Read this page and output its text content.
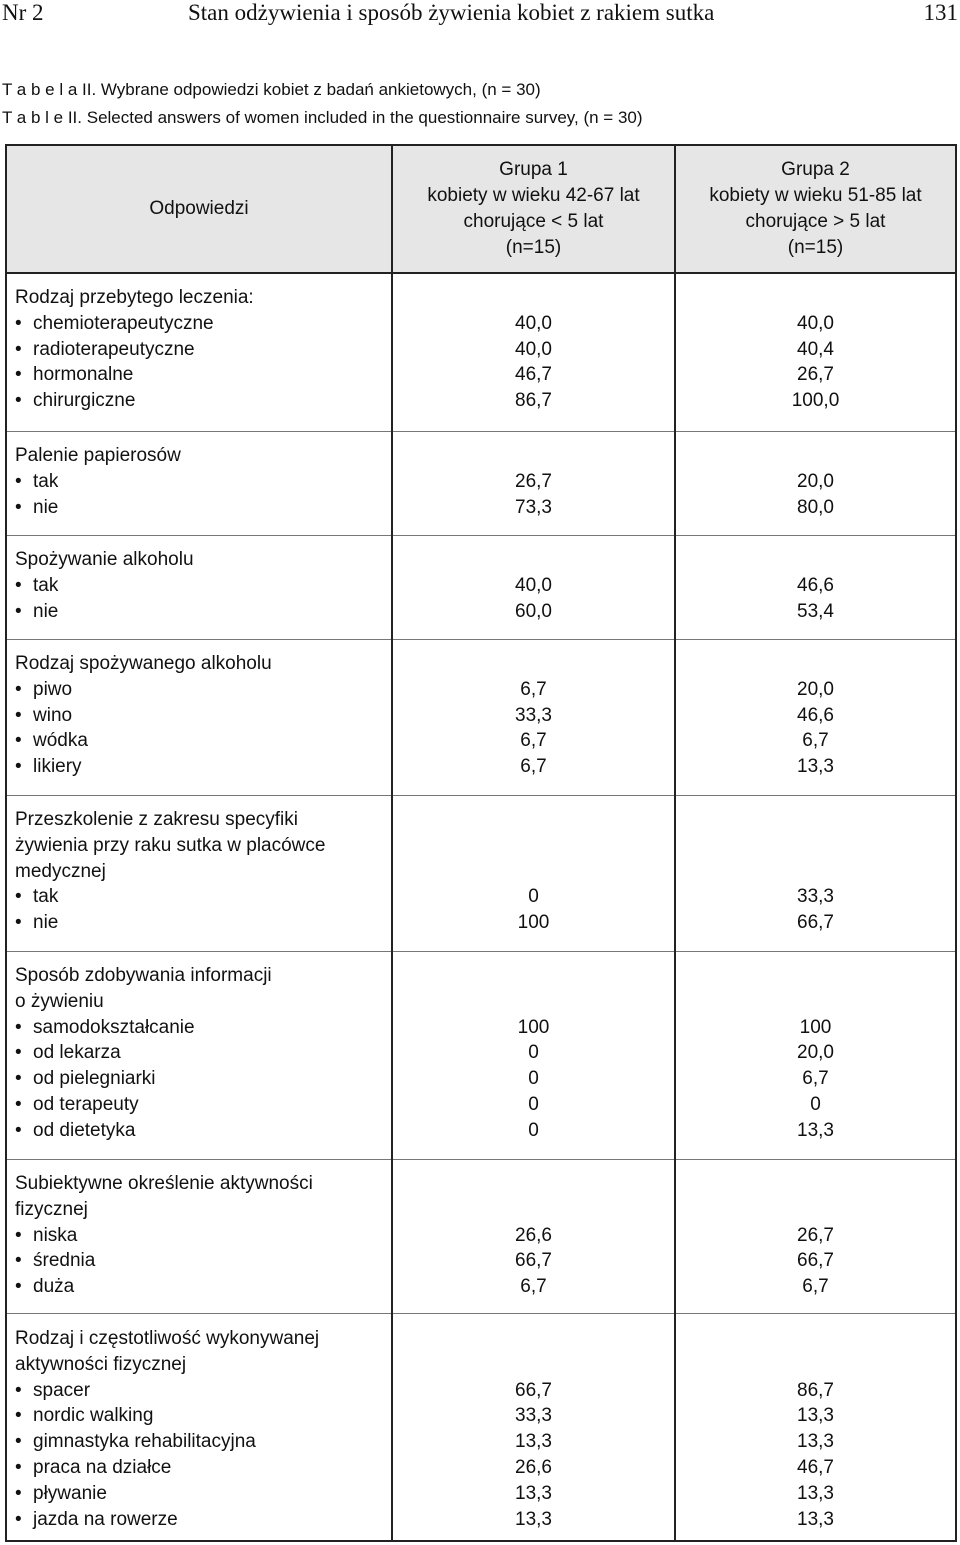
Nr 2	Stan odżywienia i sposób żywienia kobiet z rakiem sutka	131
T a b e l a II. Wybrane odpowiedzi kobiet z badań ankietowych, (n = 30)
T a b l e II. Selected answers of women included in the questionnaire survey, (n = 30)
Odpowiedzi
Grupa 1
kobiety w wieku 42-67 lat
chorujące < 5 lat
(n=15)
Grupa 2
kobiety w wieku 51-85 lat
chorujące > 5 lat
(n=15)
Rodzaj przebytego leczenia:
• chemioterapeutyczne	40,0	40,0
• radioterapeutyczne	40,0	40,4
• hormonalne	46,7	26,7
• chirurgiczne	86,7	100,0
Palenie papierosów
• tak	26,7	20,0
• nie	73,3	80,0
Spożywanie alkoholu
• tak	40,0	46,6
• nie	60,0	53,4
Rodzaj spożywanego alkoholu
• piwo	6,7	20,0
• wino	33,3	46,6
• wódka	6,7	6,7
• likiery	6,7	13,3
Przeszkolenie z zakresu specyfiki
żywienia przy raku sutka w placówce
medycznej
• tak	0	33,3
• nie	100	66,7
Sposób zdobywania informacji
o żywieniu
• samodokształcanie	100	100
• od lekarza	0	20,0
• od pielegniarki	0	6,7
• od terapeuty	0	0
• od dietetyka	0	13,3
Subiektywne określenie aktywności
fizycznej
• niska	26,6	26,7
• średnia	66,7	66,7
• duża	6,7	6,7
Rodzaj i częstotliwość wykonywanej
aktywności fizycznej
• spacer	66,7	86,7
• nordic walking	33,3	13,3
• gimnastyka rehabilitacyjna	13,3	13,3
• praca na działce	26,6	46,7
• pływanie	13,3	13,3
• jazda na rowerze	13,3	13,3
